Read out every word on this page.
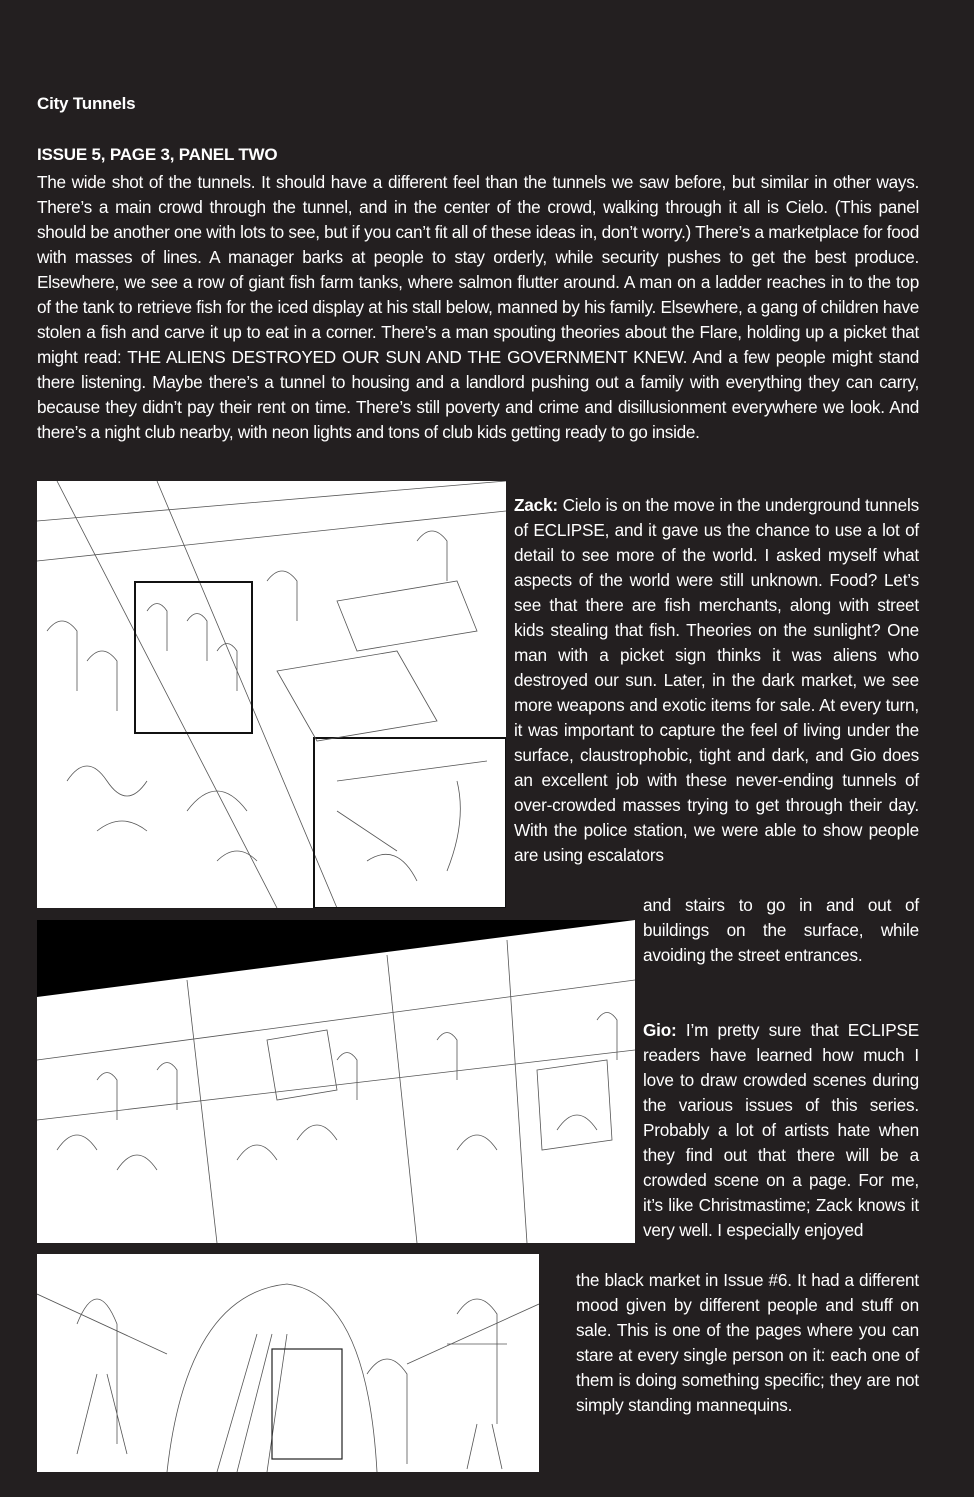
City Tunnels
ISSUE 5, PAGE 3, PANEL TWO

The wide shot of the tunnels. It should have a different feel than the tunnels we saw before, but similar in other ways. There’s a main crowd through the tunnel, and in the center of the crowd, walking through it all is Cielo. (This panel should be another one with lots to see, but if you can’t fit all of these ideas in, don’t worry.) There’s a marketplace for food with masses of lines. A manager barks at people to stay orderly, while security pushes to get the best produce. Elsewhere, we see a row of giant fish farm tanks, where salmon flutter around. A man on a ladder reaches in to the top of the tank to retrieve fish for the iced display at his stall below, manned by his family. Elsewhere, a gang of children have stolen a fish and carve it up to eat in a corner. There’s a man spouting theories about the Flare, holding up a picket that might read: THE ALIENS DESTROYED OUR SUN AND THE GOVERNMENT KNEW. And a few people might stand there listening. Maybe there’s a tunnel to housing and a landlord pushing out a family with everything they can carry, because they didn’t pay their rent on time. There’s still poverty and crime and disillusionment everywhere we look. And there’s a night club nearby, with neon lights and tons of club kids getting ready to go inside.

Zack: Cielo is on the move in the underground tunnels of ECLIPSE, and it gave us the chance to use a lot of detail to see more of the world. I asked myself what aspects of the world were still unknown. Food? Let’s see that there are fish merchants, along with street kids stealing that fish. Theories on the sunlight? One man with a picket sign thinks it was aliens who destroyed our sun. Later, in the dark market, we see more weapons and exotic items for sale. At every turn, it was important to capture the feel of living under the surface, claustrophobic, tight and dark, and Gio does an excellent job with these never-ending tunnels of over-crowded masses trying to get through their day. With the police station, we were able to show people are using escalators

and stairs to go in and out of buildings on the surface, while avoiding the street entrances.

Gio: I’m pretty sure that ECLIPSE readers have learned how much I love to draw crowded scenes during the various issues of this series. Probably a lot of artists hate when they find out that there will be a crowded scene on a page. For me, it’s like Christmastime; Zack knows it very well. I especially enjoyed

the black market in Issue #6. It had a different mood given by different people and stuff on sale. This is one of the pages where you can stare at every single person on it: each one of them is doing something specific; they are not simply standing mannequins.
